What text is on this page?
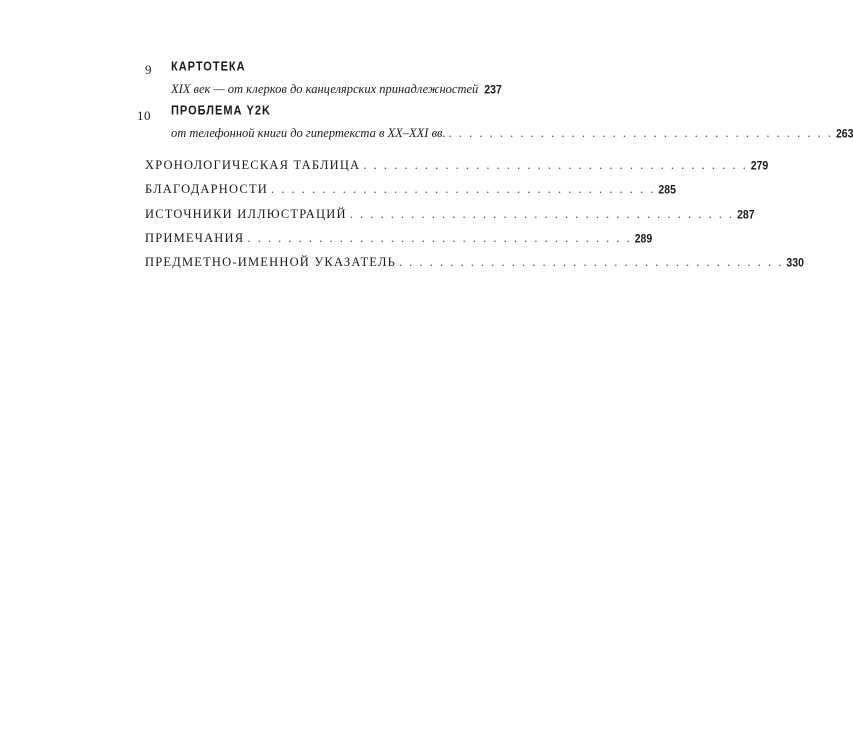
9 КАРТОТЕКА
XIX век — от клерков до канцелярских принадлежностей 237
10 ПРОБЛЕМА Y2K
от телефонной книги до гипертекста в XX–XXI вв. . . . . . . . . . . . . . . . . . . . . . . . . . . . . . . . . . . . . . . 263
ХРОНОЛОГИЧЕСКАЯ ТАБЛИЦА . . . . . . . . . . . . . . . . . . . . . . . . . . . . . . . . . . . . . . 279
БЛАГОДАРНОСТИ . . . . . . . . . . . . . . . . . . . . . . . . . . . . . . . . . . . . . . 285
ИСТОЧНИКИ ИЛЛЮСТРАЦИЙ . . . . . . . . . . . . . . . . . . . . . . . . . . . . . . . . . . . . . . 287
ПРИМЕЧАНИЯ . . . . . . . . . . . . . . . . . . . . . . . . . . . . . . . . . . . . . . 289
ПРЕДМЕТНО-ИМЕННОЙ УКАЗАТЕЛЬ . . . . . . . . . . . . . . . . . . . . . . . . . . . . . . . . . . . . . . 330
